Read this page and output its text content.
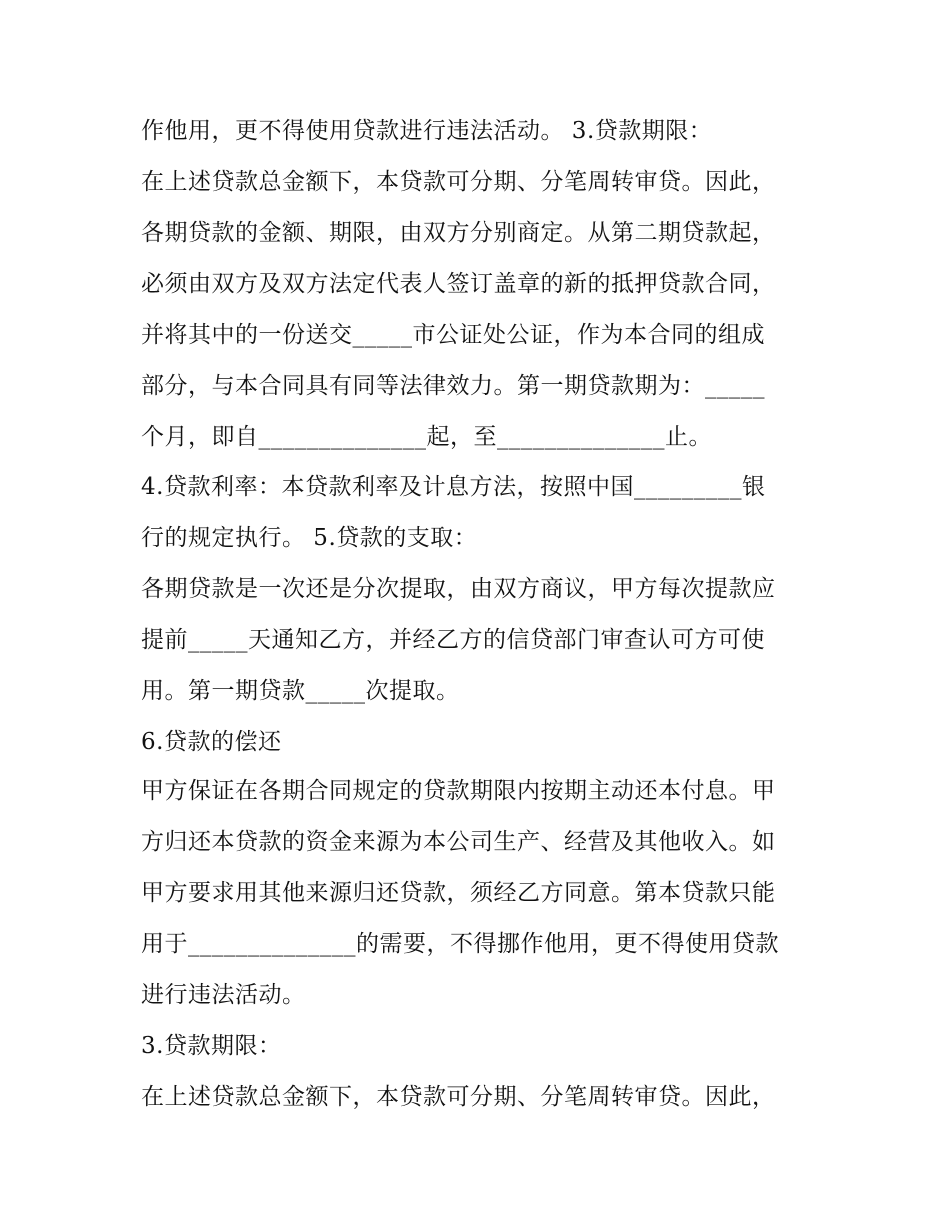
作他用，更不得使用贷款进行违法活动。 3.贷款期限：

在上述贷款总金额下，本贷款可分期、分笔周转审贷。因此，

各期贷款的金额、期限，由双方分别商定。从第二期贷款起，

必须由双方及双方法定代表人签订盖章的新的抵押贷款合同，

并将其中的一份送交_____市公证处公证，作为本合同的组成

部分，与本合同具有同等法律效力。第一期贷款期为：_____

个月，即自______________起，至______________止。

4.贷款利率：本贷款利率及计息方法，按照中国_________银

行的规定执行。 5.贷款的支取：

各期贷款是一次还是分次提取，由双方商议，甲方每次提款应

提前_____天通知乙方，并经乙方的信贷部门审查认可方可使

用。第一期贷款_____次提取。

6.贷款的偿还

甲方保证在各期合同规定的贷款期限内按期主动还本付息。甲

方归还本贷款的资金来源为本公司生产、经营及其他收入。如

甲方要求用其他来源归还贷款，须经乙方同意。第本贷款只能

用于______________的需要，不得挪作他用，更不得使用贷款

进行违法活动。

3.贷款期限：

在上述贷款总金额下，本贷款可分期、分笔周转审贷。因此，
